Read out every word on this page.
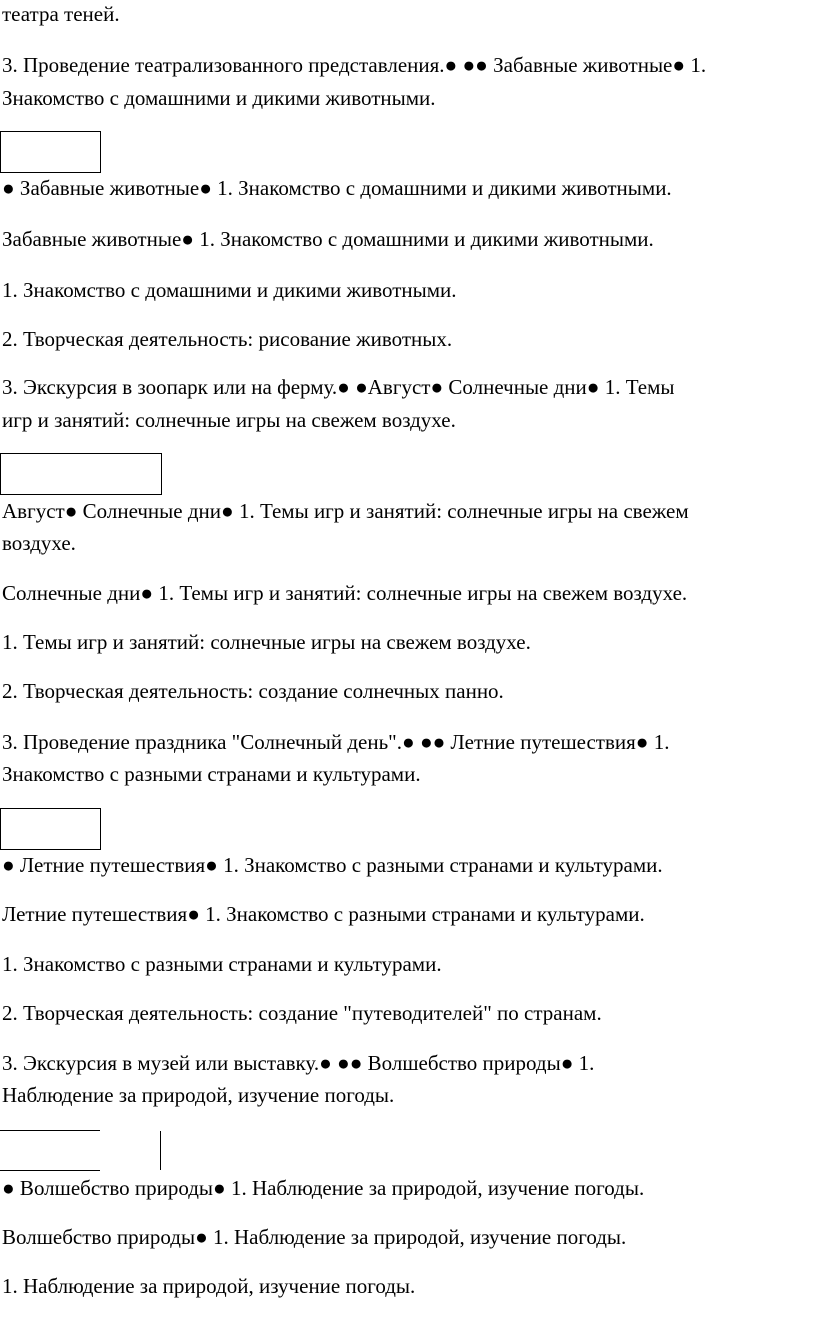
театра теней.
3. Проведение театрализованного представления.● ●● Забавные животные● 1.
Знакомство с домашними и дикими животными.
● Забавные животные● 1. Знакомство с домашними и дикими животными.
Забавные животные● 1. Знакомство с домашними и дикими животными.
1. Знакомство с домашними и дикими животными.
2. Творческая деятельность: рисование животных.
3. Экскурсия в зоопарк или на ферму.● ●Август● Солнечные дни● 1. Темы
игр и занятий: солнечные игры на свежем воздухе.
Август● Солнечные дни● 1. Темы игр и занятий: солнечные игры на свежем
воздухе.
Солнечные дни● 1. Темы игр и занятий: солнечные игры на свежем воздухе.
1. Темы игр и занятий: солнечные игры на свежем воздухе.
2. Творческая деятельность: создание солнечных панно.
3. Проведение праздника "Солнечный день".● ●● Летние путешествия● 1.
Знакомство с разными странами и культурами.
● Летние путешествия● 1. Знакомство с разными странами и культурами.
Летние путешествия● 1. Знакомство с разными странами и культурами.
1. Знакомство с разными странами и культурами.
2. Творческая деятельность: создание "путеводителей" по странам.
3. Экскурсия в музей или выставку.● ●● Волшебство природы● 1.
Наблюдение за природой, изучение погоды.
● Волшебство природы● 1. Наблюдение за природой, изучение погоды.
Волшебство природы● 1. Наблюдение за природой, изучение погоды.
1. Наблюдение за природой, изучение погоды.
